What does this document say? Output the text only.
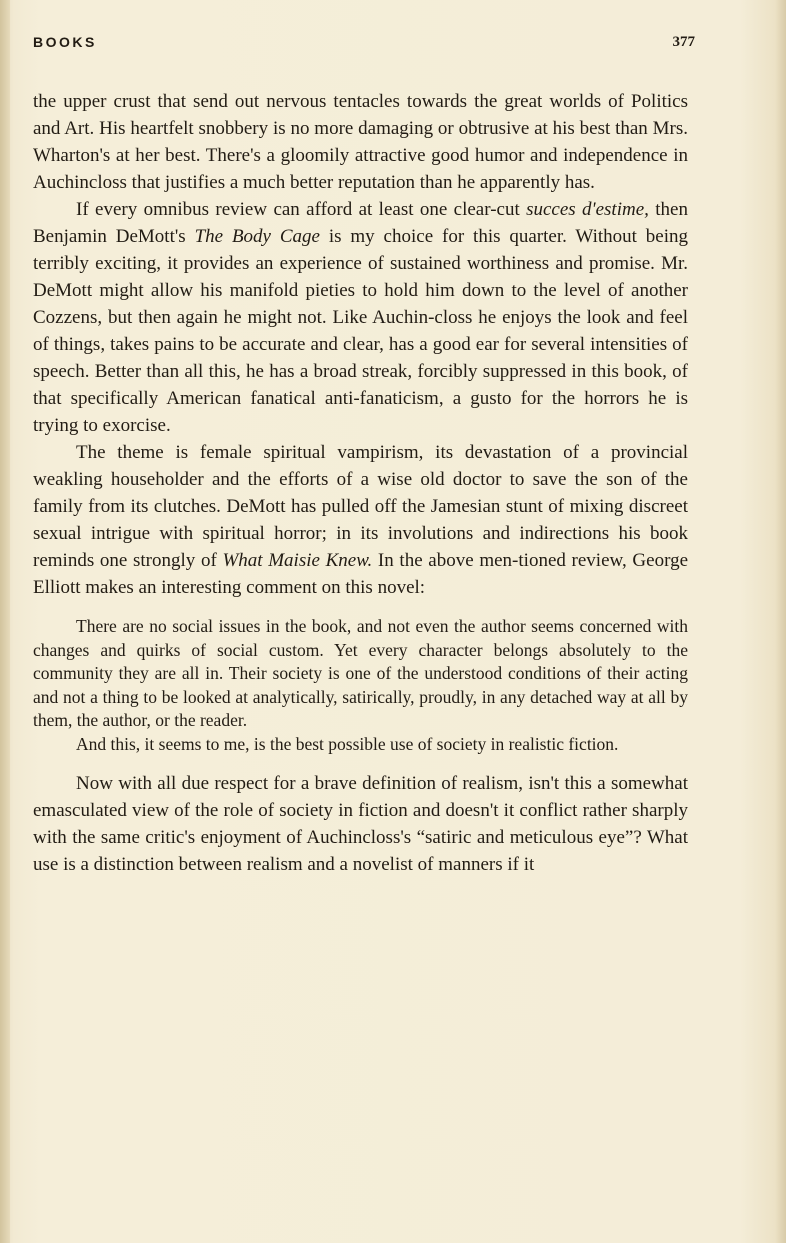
BOOKS	377

the upper crust that send out nervous tentacles towards the great worlds of Politics and Art. His heartfelt snobbery is no more damaging or obtrusive at his best than Mrs. Wharton's at her best. There's a gloomily attractive good humor and independence in Auchincloss that justifies a much better reputation than he apparently has.

If every omnibus review can afford at least one clear-cut succes d'estime, then Benjamin DeMott's The Body Cage is my choice for this quarter. Without being terribly exciting, it provides an experience of sustained worthiness and promise. Mr. DeMott might allow his manifold pieties to hold him down to the level of another Cozzens, but then again he might not. Like Auchin-closs he enjoys the look and feel of things, takes pains to be accurate and clear, has a good ear for several intensities of speech. Better than all this, he has a broad streak, forcibly suppressed in this book, of that specifically American fanatical anti-fanaticism, a gusto for the horrors he is trying to exorcise.

The theme is female spiritual vampirism, its devastation of a provincial weakling householder and the efforts of a wise old doctor to save the son of the family from its clutches. DeMott has pulled off the Jamesian stunt of mixing discreet sexual intrigue with spiritual horror; in its involutions and indirections his book reminds one strongly of What Maisie Knew. In the above men-tioned review, George Elliott makes an interesting comment on this novel:

There are no social issues in the book, and not even the author seems concerned with changes and quirks of social custom. Yet every character belongs absolutely to the community they are all in. Their society is one of the understood conditions of their acting and not a thing to be looked at analytically, satirically, proudly, in any detached way at all by them, the author, or the reader.

And this, it seems to me, is the best possible use of society in realistic fiction.

Now with all due respect for a brave definition of realism, isn't this a somewhat emasculated view of the role of society in fiction and doesn't it conflict rather sharply with the same critic's enjoyment of Auchincloss's “satiric and meticulous eye”? What use is a distinction between realism and a novelist of manners if it
